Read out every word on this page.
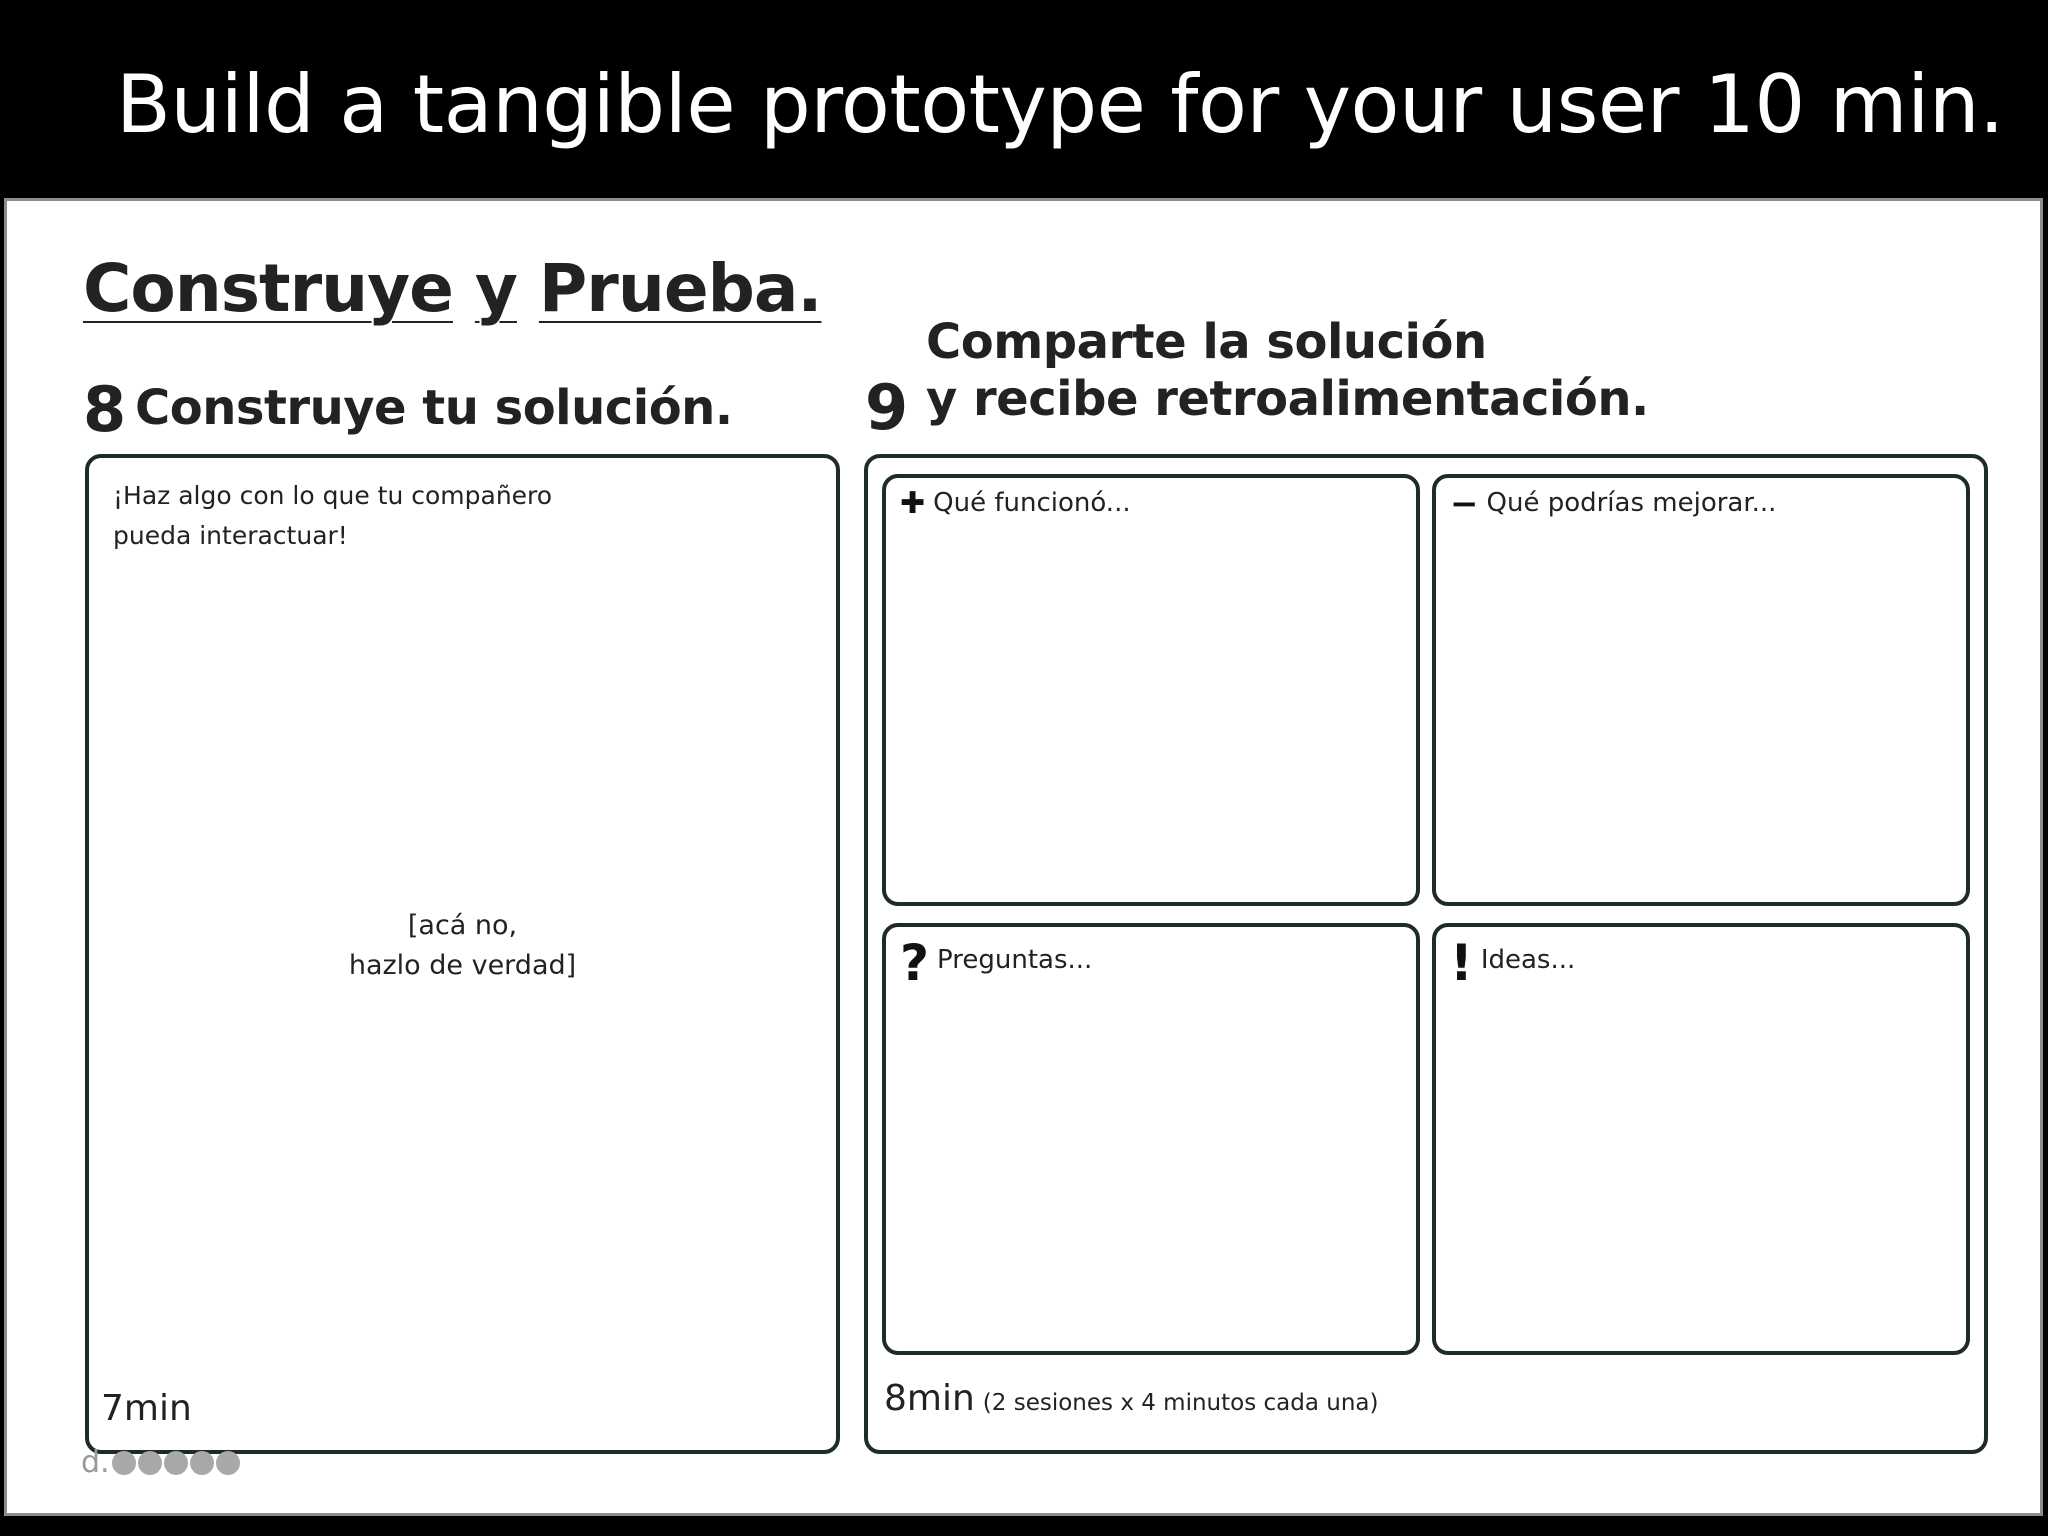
Build a tangible prototype for your user 10 min.
Construye y Prueba.
8 Construye tu solución.
¡Haz algo con lo que tu compañero
pueda interactuar!
[acá no,
hazlo de verdad]
7min
Comparte la solución
9 y recibe retroalimentación.
✚ Qué funcionó...	− Qué podrías mejorar...
? Preguntas...	! Ideas...
8min (2 sesiones x 4 minutos cada una)
d.
